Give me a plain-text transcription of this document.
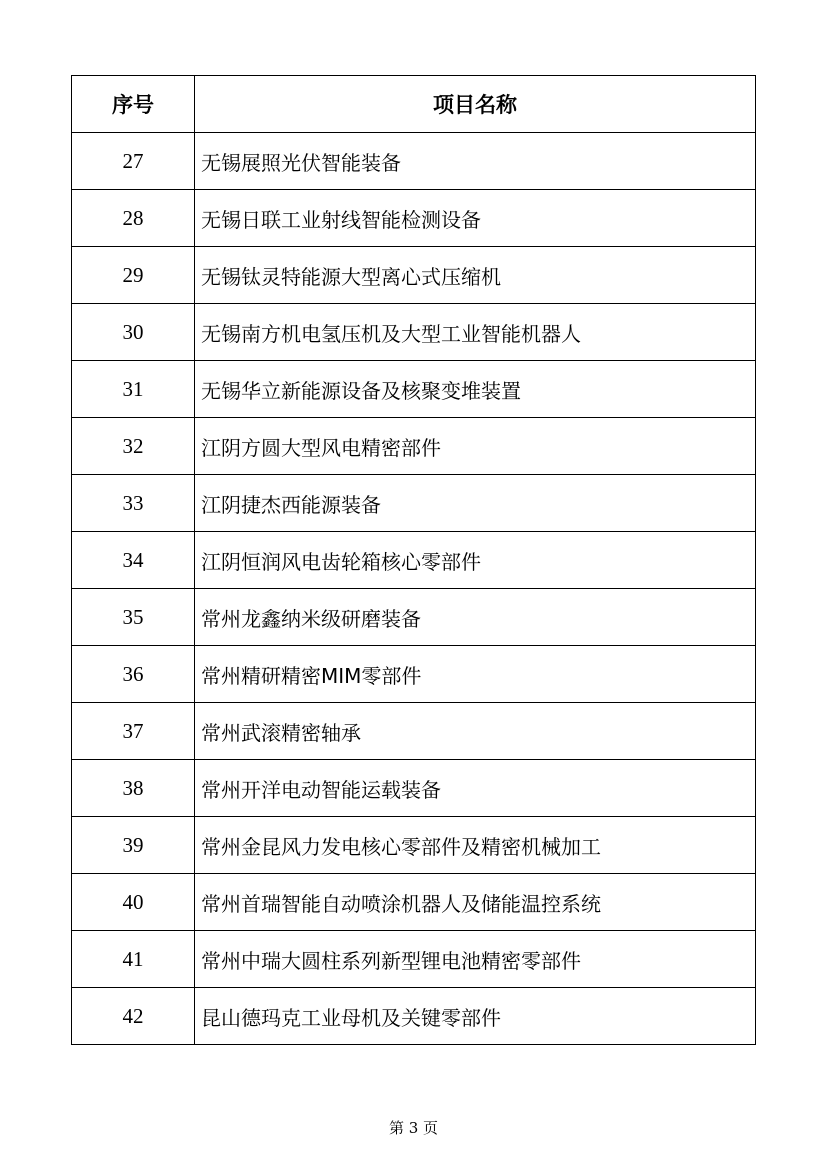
序号	项目名称
27	无锡展照光伏智能装备
28	无锡日联工业射线智能检测设备
29	无锡钛灵特能源大型离心式压缩机
30	无锡南方机电氢压机及大型工业智能机器人
31	无锡华立新能源设备及核聚变堆装置
32	江阴方圆大型风电精密部件
33	江阴捷杰西能源装备
34	江阴恒润风电齿轮箱核心零部件
35	常州龙鑫纳米级研磨装备
36	常州精研精密MIM零部件
37	常州武滚精密轴承
38	常州开洋电动智能运载装备
39	常州金昆风力发电核心零部件及精密机械加工
40	常州首瑞智能自动喷涂机器人及储能温控系统
41	常州中瑞大圆柱系列新型锂电池精密零部件
42	昆山德玛克工业母机及关键零部件
第 3 页
